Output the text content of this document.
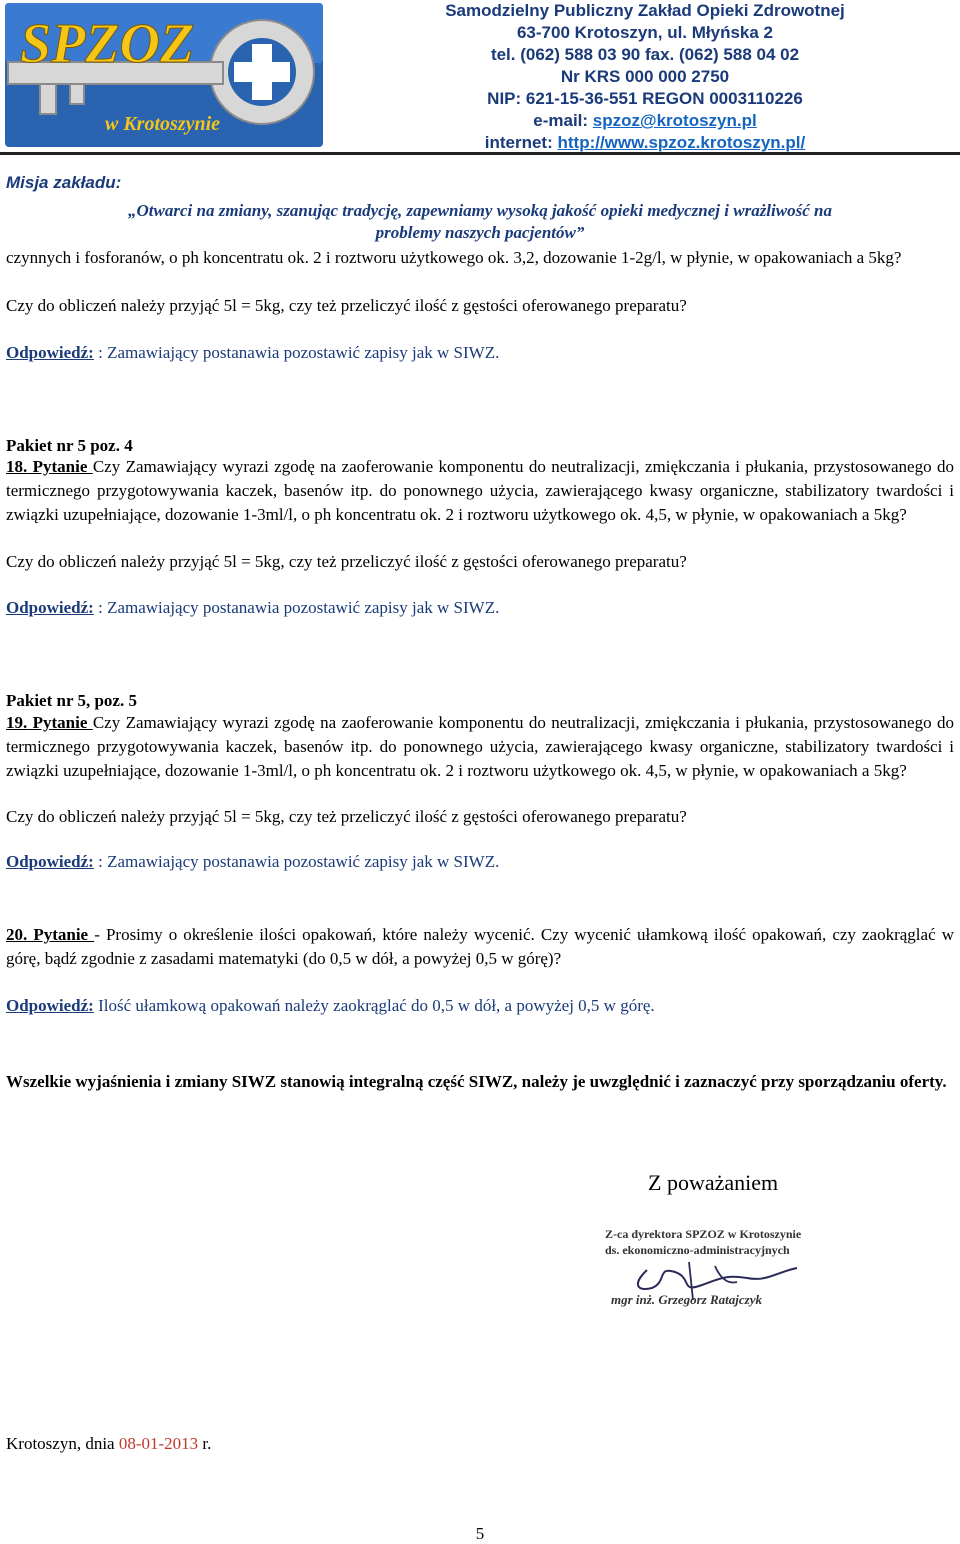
SPZOZ
w Krotoszynie
Samodzielny Publiczny Zakład Opieki Zdrowotnej
63-700 Krotoszyn, ul. Młyńska 2
tel. (062) 588 03 90 fax. (062) 588 04 02
Nr KRS 000 000 2750
NIP: 621-15-36-551 REGON 0003110226
e-mail: spzoz@krotoszyn.pl
internet: http://www.spzoz.krotoszyn.pl/
Misja zakładu:
„Otwarci na zmiany, szanując tradycję, zapewniamy wysoką jakość opieki medycznej i wrażliwość na
problemy naszych pacjentów”
czynnych i fosforanów, o ph koncentratu ok. 2 i roztworu użytkowego ok. 3,2, dozowanie 1-2g/l, w płynie, w opakowaniach a 5kg?
Czy do obliczeń należy przyjąć 5l = 5kg, czy też przeliczyć ilość z gęstości oferowanego preparatu?
Odpowiedź: : Zamawiający postanawia pozostawić zapisy jak w SIWZ.
Pakiet nr 5 poz. 4
18. Pytanie Czy Zamawiający wyrazi zgodę na zaoferowanie komponentu do neutralizacji, zmiękczania i płukania, przystosowanego do termicznego przygotowywania kaczek, basenów itp. do ponownego użycia, zawierającego kwasy organiczne, stabilizatory twardości i związki uzupełniające, dozowanie 1-3ml/l, o ph koncentratu ok. 2 i roztworu użytkowego ok. 4,5, w płynie, w opakowaniach a 5kg?
Czy do obliczeń należy przyjąć 5l = 5kg, czy też przeliczyć ilość z gęstości oferowanego preparatu?
Odpowiedź: : Zamawiający postanawia pozostawić zapisy jak w SIWZ.
Pakiet nr 5, poz. 5
19. Pytanie Czy Zamawiający wyrazi zgodę na zaoferowanie komponentu do neutralizacji, zmiękczania i płukania, przystosowanego do termicznego przygotowywania kaczek, basenów itp. do ponownego użycia, zawierającego kwasy organiczne, stabilizatory twardości i związki uzupełniające, dozowanie 1-3ml/l, o ph koncentratu ok. 2 i roztworu użytkowego ok. 4,5, w płynie, w opakowaniach a 5kg?
Czy do obliczeń należy przyjąć 5l = 5kg, czy też przeliczyć ilość z gęstości oferowanego preparatu?
Odpowiedź: : Zamawiający postanawia pozostawić zapisy jak w SIWZ.
20. Pytanie - Prosimy o określenie ilości opakowań, które należy wycenić. Czy wycenić ułamkową ilość opakowań, czy zaokrąglać w górę, bądź zgodnie z zasadami matematyki (do 0,5 w dół, a powyżej 0,5 w górę)?
Odpowiedź: Ilość ułamkową opakowań należy zaokrąglać do 0,5 w dół, a powyżej 0,5 w górę.
Wszelkie wyjaśnienia i zmiany SIWZ stanowią integralną część SIWZ, należy je uwzględnić i zaznaczyć przy sporządzaniu oferty.
Z poważaniem
Z-ca dyrektora SPZOZ w Krotoszynie
ds. ekonomiczno-administracyjnych
mgr inż. Grzegorz Ratajczyk
Krotoszyn, dnia 08-01-2013 r.
5
